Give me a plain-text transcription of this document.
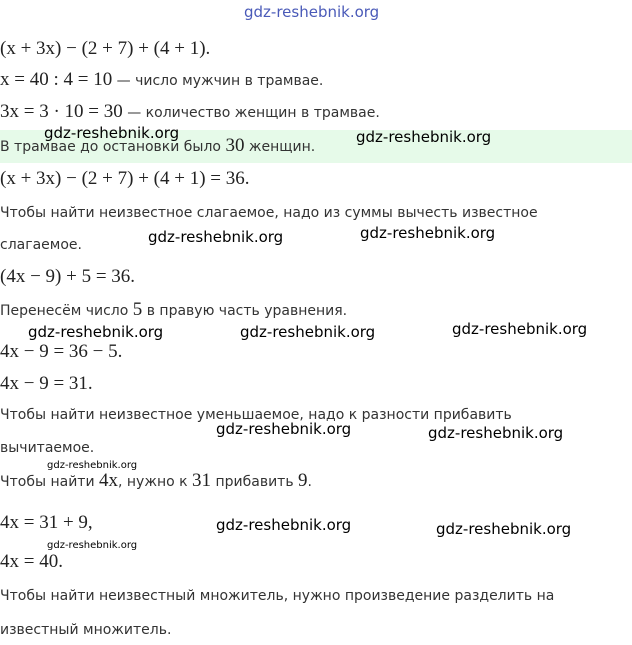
gdz-reshebnik.org
(x + 3x) − (2 + 7) + (4 + 1).
x = 40 : 4 = 10 — число мужчин в трамвае.
3x = 3 · 10 = 30 — количество женщин в трамвае.
В трамвае до остановки было 30 женщин.
(x + 3x) − (2 + 7) + (4 + 1) = 36.
Чтобы найти неизвестное слагаемое, надо из суммы вычесть известное
слагаемое.
(4x − 9) + 5 = 36.
Перенесём число 5 в правую часть уравнения.
4x − 9 = 36 − 5.
4x − 9 = 31.
Чтобы найти неизвестное уменьшаемое, надо к разности прибавить
вычитаемое.
Чтобы найти 4x, нужно к 31 прибавить 9.
4x = 31 + 9,
4x = 40.
Чтобы найти неизвестный множитель, нужно произведение разделить на
известный множитель.
gdz-reshebnik.org	gdz-reshebnik.org
gdz-reshebnik.org	gdz-reshebnik.org
gdz-reshebnik.org	gdz-reshebnik.org	gdz-reshebnik.org
gdz-reshebnik.org	gdz-reshebnik.org
gdz-reshebnik.org
gdz-reshebnik.org	gdz-reshebnik.org
gdz-reshebnik.org
